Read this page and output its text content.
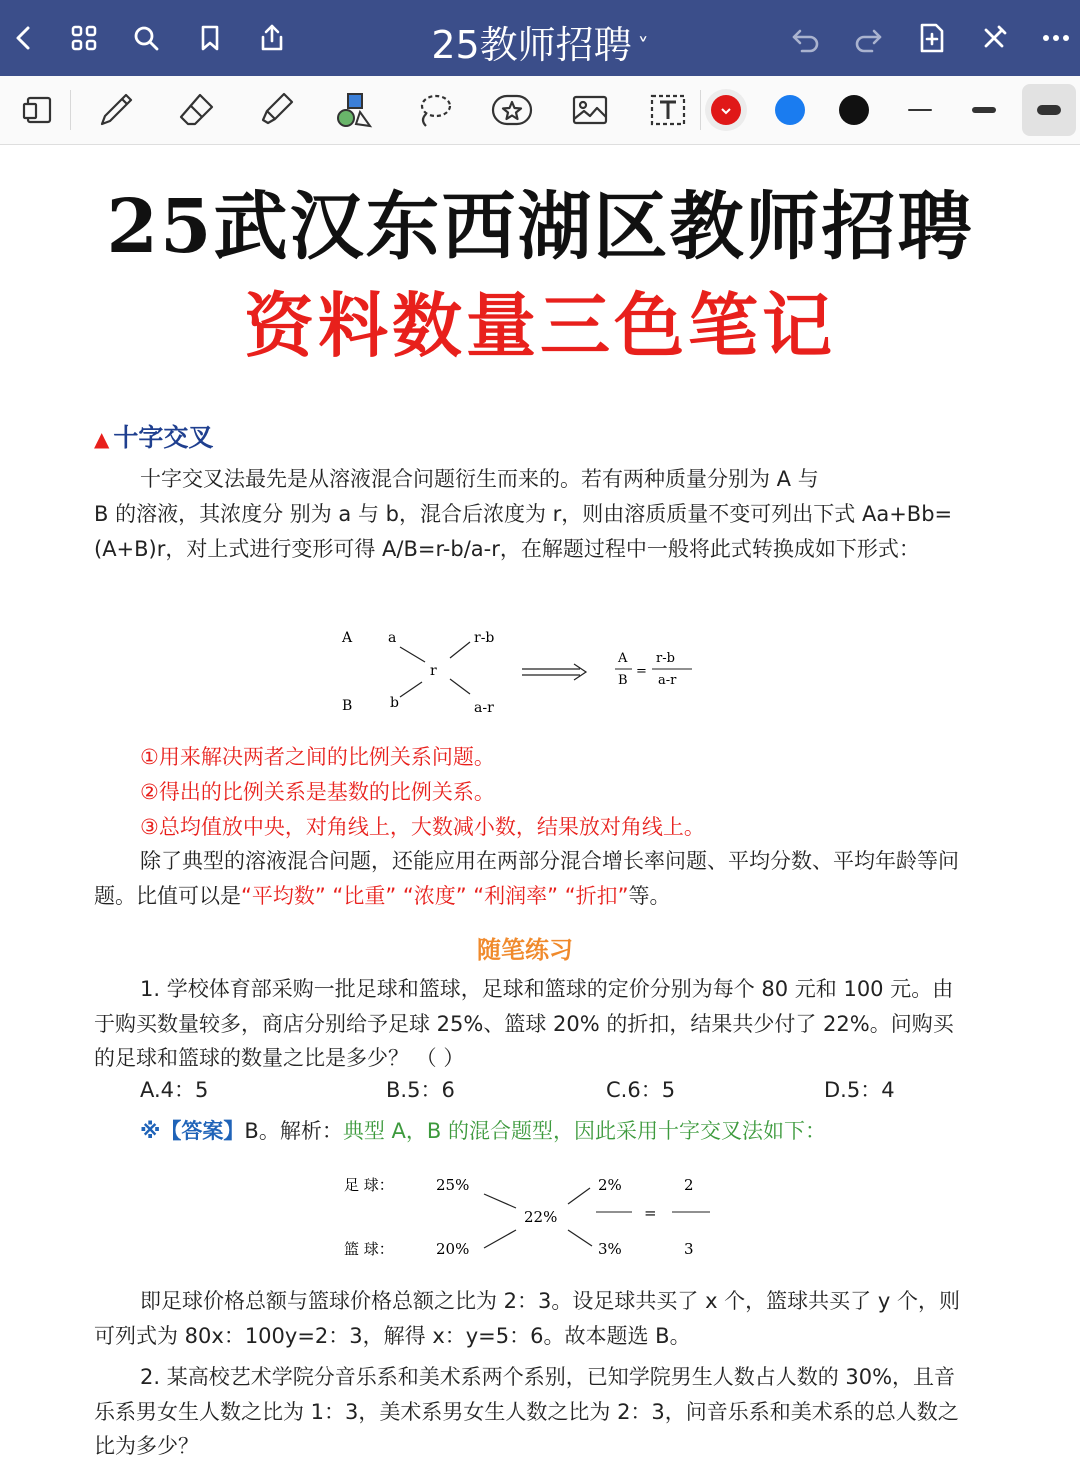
25教师招聘 ˅
25武汉东西湖区教师招聘
资料数量三色笔记
▲ 十字交叉
十字交叉法最先是从溶液混合问题衍生而来的。若有两种质量分别为 A 与
B 的溶液，其浓度分 别为 a 与 b，混合后浓度为 r，则由溶质质量不变可列出下式 Aa+Bb=(A+B)r，对上式进行变形可得 A/B=r-b/a-r，在解题过程中一般将此式转换成如下形式：
A	a	r-b
r
B	b	a-r
A
B
=
r-b
a-r
①用来解决两者之间的比例关系问题。
②得出的比例关系是基数的比例关系。
③总均值放中央，对角线上，大数减小数，结果放对角线上。
除了典型的溶液混合问题，还能应用在两部分混合增长率问题、平均分数、平均年龄等问题。比值可以是“平均数” “比重” “浓度” “利润率” “折扣”等。
随笔练习
1. 学校体育部采购一批足球和篮球，足球和篮球的定价分别为每个 80 元和 100 元。由于购买数量较多，商店分别给予足球 25%、篮球 20% 的折扣，结果共少付了 22%。问购买的足球和篮球的数量之比是多少？ （ ）
A.4：5	B.5：6	C.6：5	D.5：4
※【答案】B。解析：典型 A，B 的混合题型，因此采用十字交叉法如下：
足 球：	25%	2%	2
22%	=
篮 球：	20%	3%	3
即足球价格总额与篮球价格总额之比为 2：3。设足球共买了 x 个，篮球共买了 y 个，则可列式为 80x：100y=2：3，解得 x：y=5：6。故本题选 B。
2. 某高校艺术学院分音乐系和美术系两个系别，已知学院男生人数占人数的 30%，且音乐系男女生人数之比为 1：3，美术系男女生人数之比为 2：3，问音乐系和美术系的总人数之比为多少？
